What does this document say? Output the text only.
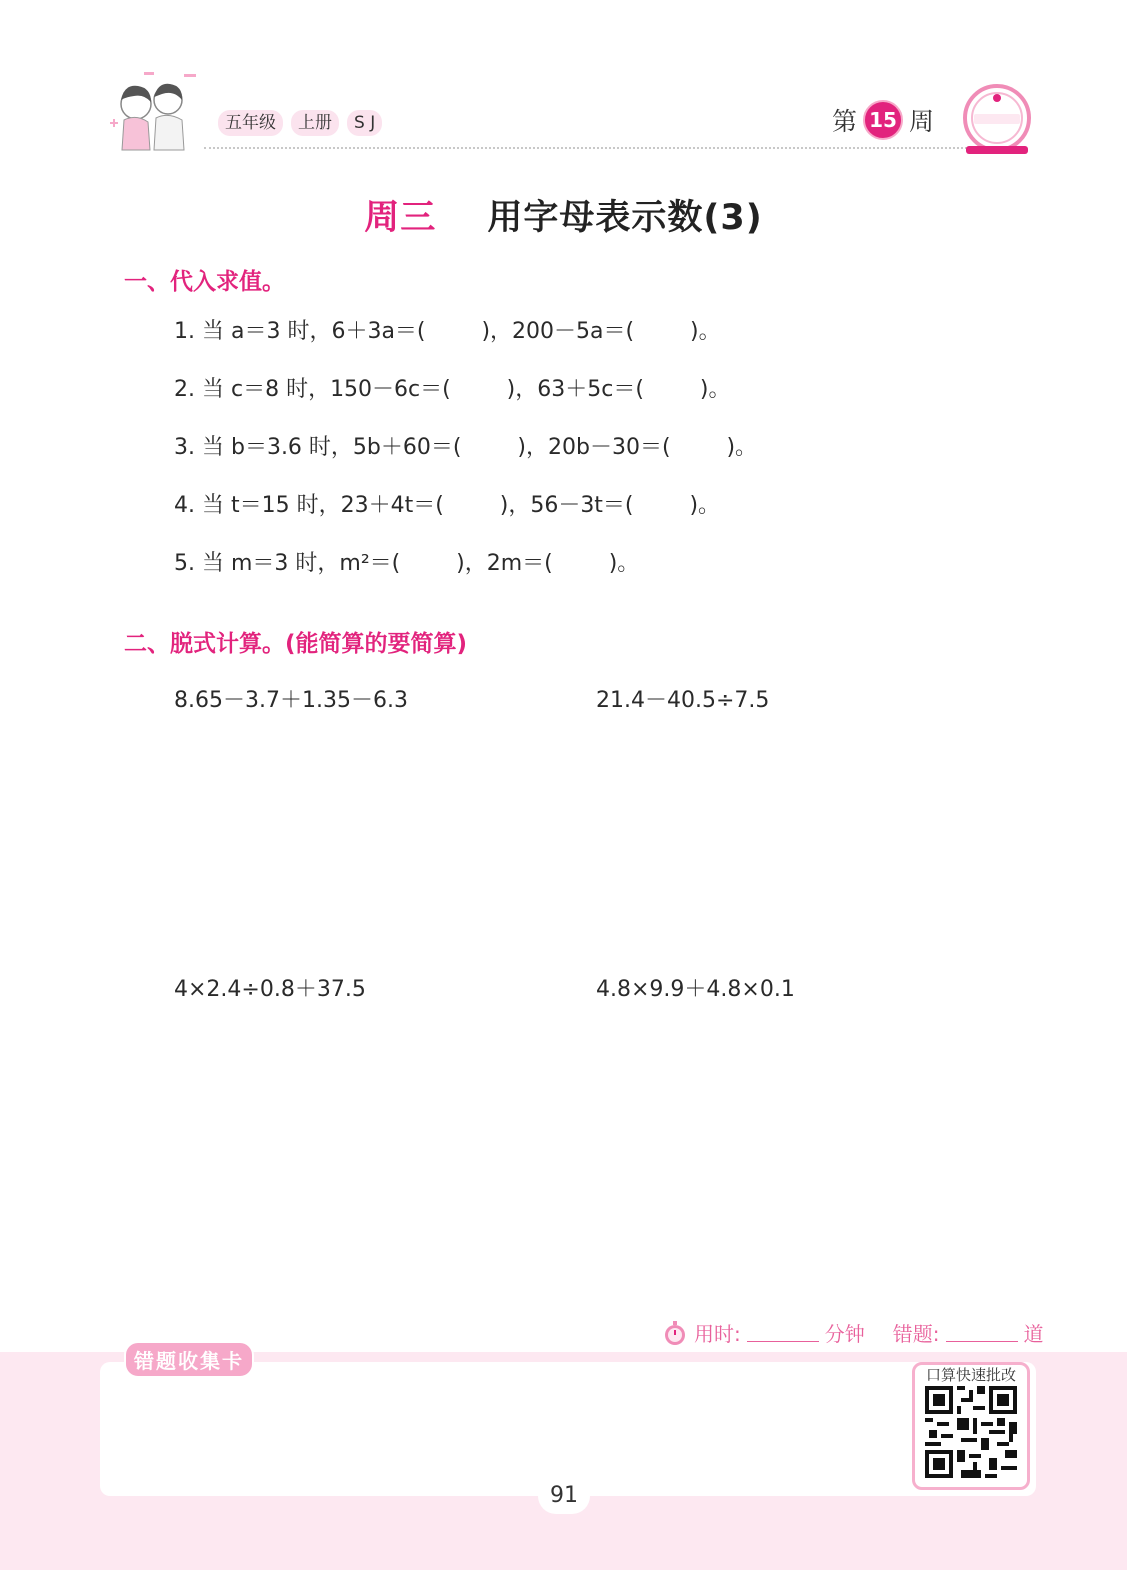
五年级	上册	S J	第 15 周
周三 用字母表示数(3)
一、代入求值。
1. 当 a＝3 时，6＋3a＝(        )，200－5a＝(        )。
2. 当 c＝8 时，150－6c＝(        )，63＋5c＝(        )。
3. 当 b＝3.6 时，5b＋60＝(        )，20b－30＝(        )。
4. 当 t＝15 时，23＋4t＝(        )，56－3t＝(        )。
5. 当 m＝3 时，m²＝(        )，2m＝(        )。
二、脱式计算。(能简算的要简算)
8.65－3.7＋1.35－6.3	21.4－40.5÷7.5
4×2.4÷0.8＋37.5	4.8×9.9＋4.8×0.1
用时:	分钟 错题:	道
错题收集卡
口算快速批改
91
